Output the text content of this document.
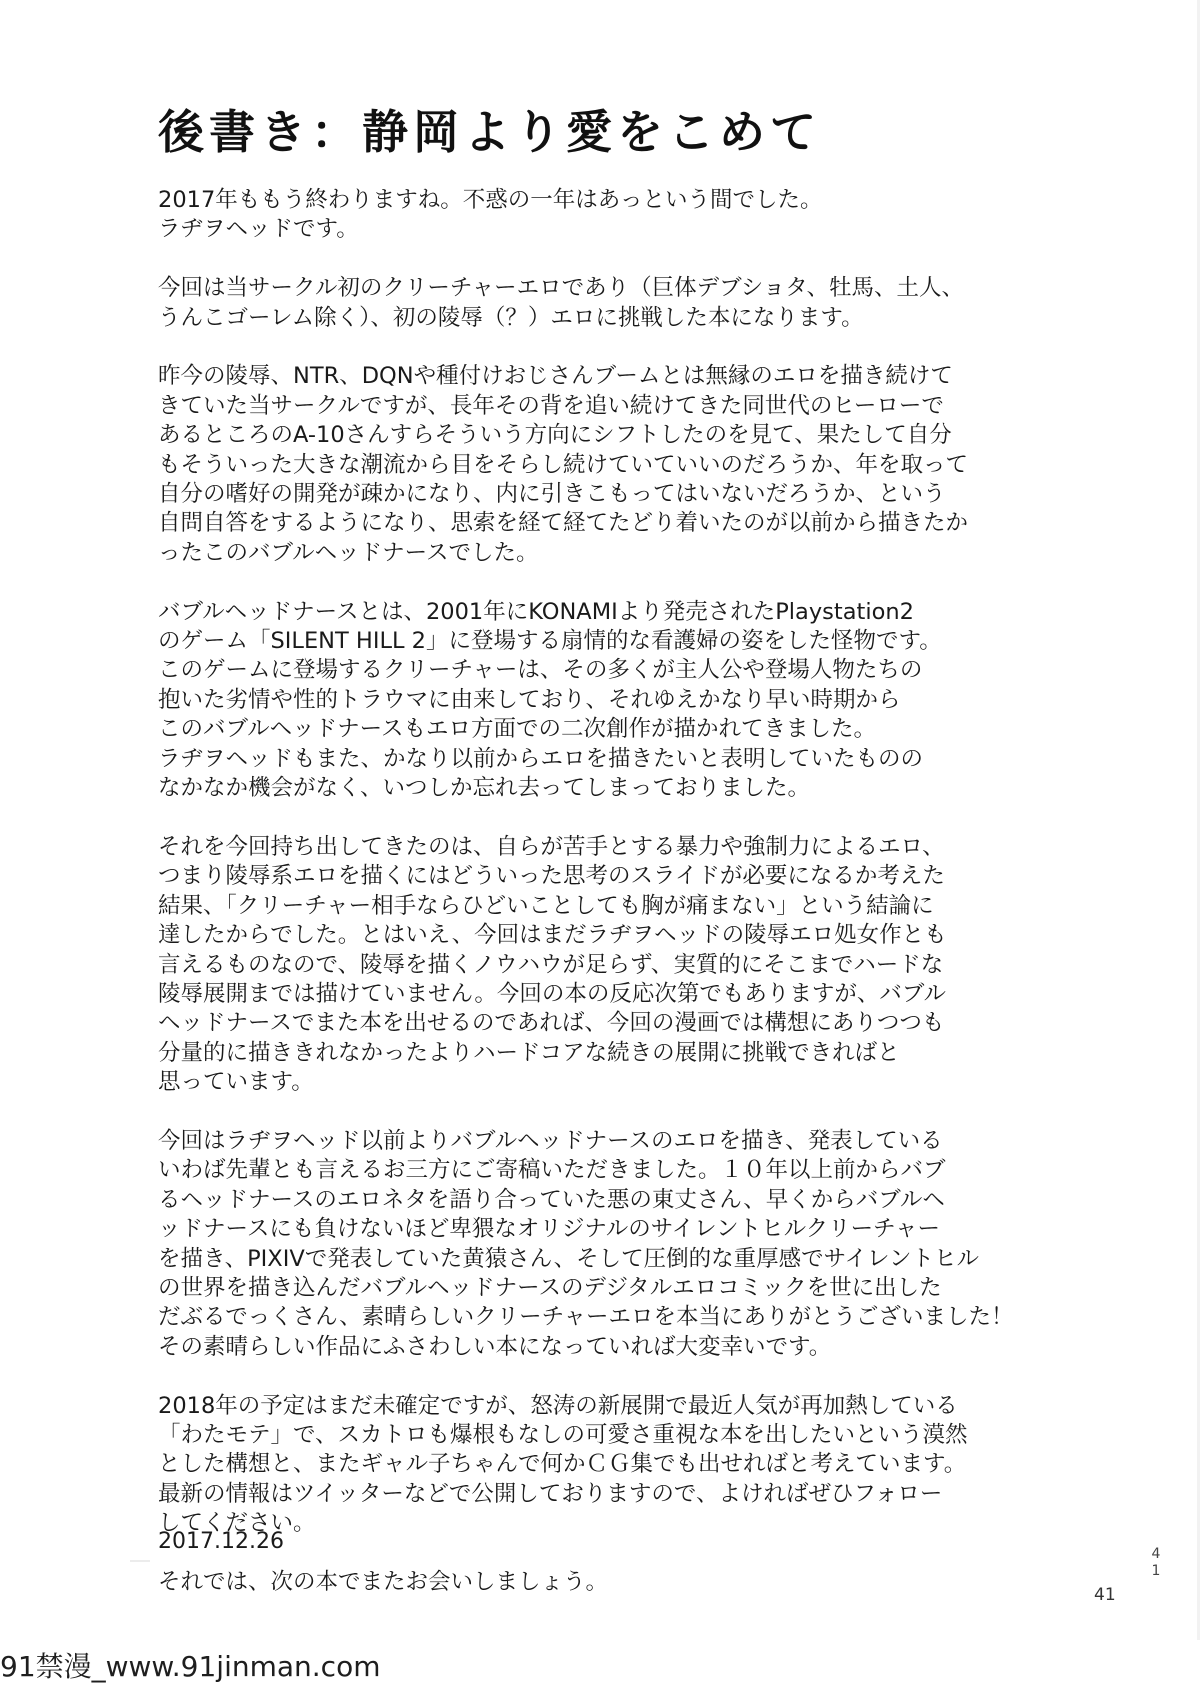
後書き：静岡より愛をこめて

2017年ももう終わりますね。不惑の一年はあっという間でした。
ラヂヲヘッドです。

今回は当サークル初のクリーチャーエロであり（巨体デブショタ、牡馬、土人、
うんこゴーレム除く）、初の陵辱（？）エロに挑戦した本になります。

昨今の陵辱、NTR、DQNや種付けおじさんブームとは無縁のエロを描き続けて
きていた当サークルですが、長年その背を追い続けてきた同世代のヒーローで
あるところのA-10さんすらそういう方向にシフトしたのを見て、果たして自分
もそういった大きな潮流から目をそらし続けていていいのだろうか、年を取って
自分の嗜好の開発が疎かになり、内に引きこもってはいないだろうか、という
自問自答をするようになり、思索を経て経てたどり着いたのが以前から描きたか
ったこのバブルヘッドナースでした。

バブルヘッドナースとは、2001年にKONAMIより発売されたPlaystation2
のゲーム「SILENT HILL 2」に登場する扇情的な看護婦の姿をした怪物です。
このゲームに登場するクリーチャーは、その多くが主人公や登場人物たちの
抱いた劣情や性的トラウマに由来しており、それゆえかなり早い時期から
このバブルヘッドナースもエロ方面での二次創作が描かれてきました。
ラヂヲヘッドもまた、かなり以前からエロを描きたいと表明していたものの
なかなか機会がなく、いつしか忘れ去ってしまっておりました。

それを今回持ち出してきたのは、自らが苦手とする暴力や強制力によるエロ、
つまり陵辱系エロを描くにはどういった思考のスライドが必要になるか考えた
結果、「クリーチャー相手ならひどいことしても胸が痛まない」という結論に
達したからでした。とはいえ、今回はまだラヂヲヘッドの陵辱エロ処女作とも
言えるものなので、陵辱を描くノウハウが足らず、実質的にそこまでハードな
陵辱展開までは描けていません。今回の本の反応次第でもありますが、バブル
ヘッドナースでまた本を出せるのであれば、今回の漫画では構想にありつつも
分量的に描ききれなかったよりハードコアな続きの展開に挑戦できればと
思っています。

今回はラヂヲヘッド以前よりバブルヘッドナースのエロを描き、発表している
いわば先輩とも言えるお三方にご寄稿いただきました。１０年以上前からバブ
るヘッドナースのエロネタを語り合っていた悪の東丈さん、早くからバブルヘ
ッドナースにも負けないほど卑猥なオリジナルのサイレントヒルクリーチャー
を描き、PIXIVで発表していた黄猿さん、そして圧倒的な重厚感でサイレントヒル
の世界を描き込んだバブルヘッドナースのデジタルエロコミックを世に出した
だぶるでっくさん、素晴らしいクリーチャーエロを本当にありがとうございました！
その素晴らしい作品にふさわしい本になっていれば大変幸いです。

2018年の予定はまだ未確定ですが、怒涛の新展開で最近人気が再加熱している
「わたモテ」で、スカトロも爆根もなしの可愛さ重視な本を出したいという漠然
とした構想と、またギャル子ちゃんで何かＣＧ集でも出せればと考えています。
最新の情報はツイッターなどで公開しておりますので、よければぜひフォロー
してください。

それでは、次の本でまたお会いしましょう。

2017.12.26	4
1
41
91禁漫_www.91jinman.com
